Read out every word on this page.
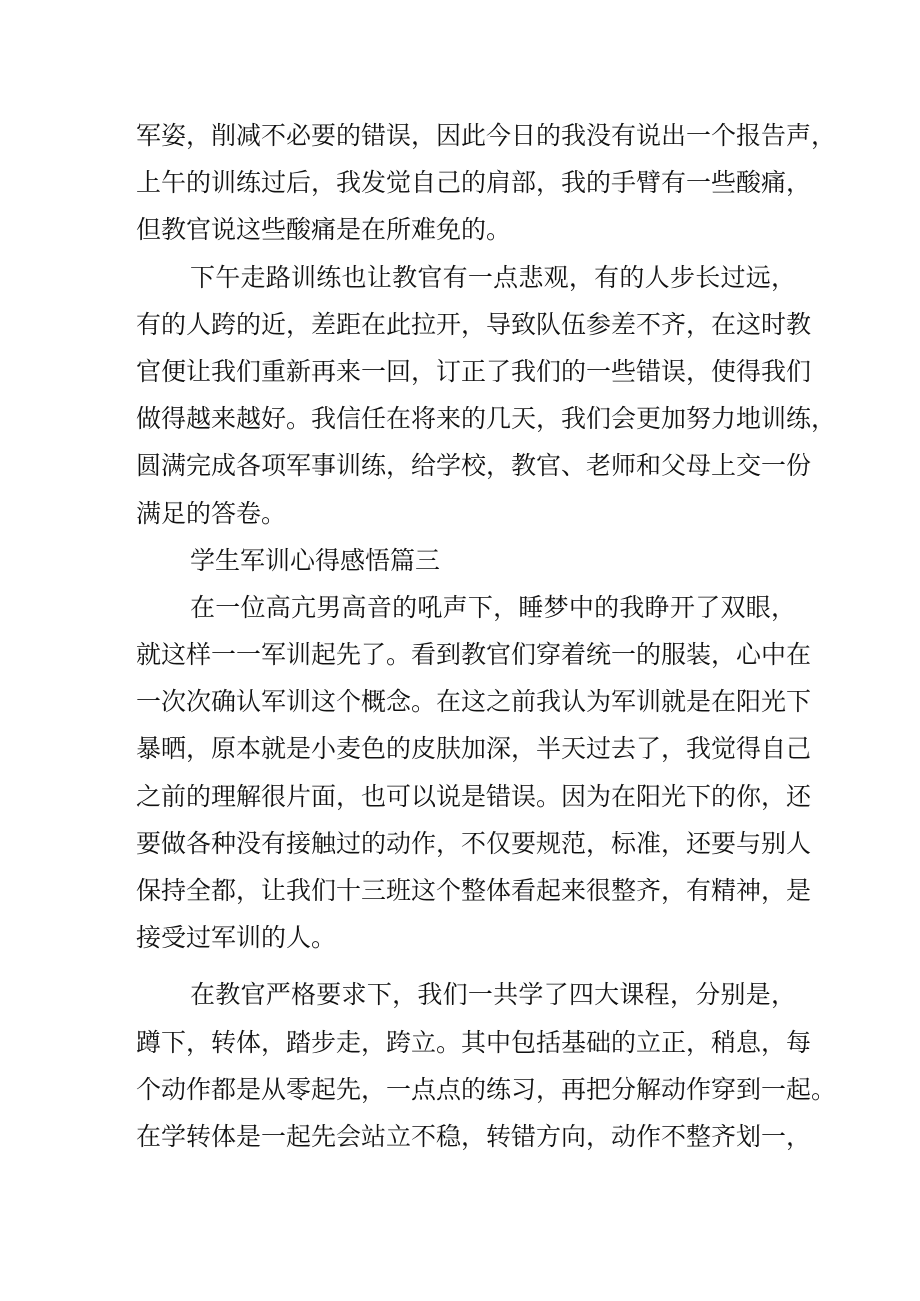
军姿，削减不必要的错误，因此今日的我没有说出一个报告声，
上午的训练过后，我发觉自己的肩部，我的手臂有一些酸痛，
但教官说这些酸痛是在所难免的。
下午走路训练也让教官有一点悲观，有的人步长过远，
有的人跨的近，差距在此拉开，导致队伍参差不齐，在这时教
官便让我们重新再来一回，订正了我们的一些错误，使得我们
做得越来越好。我信任在将来的几天，我们会更加努力地训练，
圆满完成各项军事训练，给学校，教官、老师和父母上交一份
满足的答卷。
学生军训心得感悟篇三
在一位高亢男高音的吼声下，睡梦中的我睁开了双眼，
就这样一一军训起先了。看到教官们穿着统一的服装，心中在
一次次确认军训这个概念。在这之前我认为军训就是在阳光下
暴晒，原本就是小麦色的皮肤加深，半天过去了，我觉得自己
之前的理解很片面，也可以说是错误。因为在阳光下的你，还
要做各种没有接触过的动作，不仅要规范，标准，还要与别人
保持全都，让我们十三班这个整体看起来很整齐，有精神，是
接受过军训的人。
在教官严格要求下，我们一共学了四大课程，分别是，
蹲下，转体，踏步走，跨立。其中包括基础的立正，稍息，每
个动作都是从零起先，一点点的练习，再把分解动作穿到一起。
在学转体是一起先会站立不稳，转错方向，动作不整齐划一，
